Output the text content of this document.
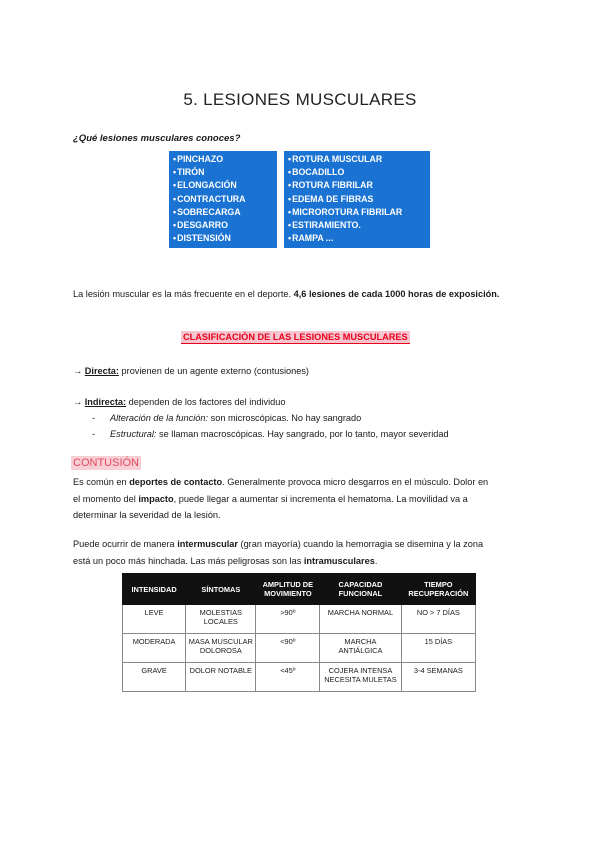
5. LESIONES MUSCULARES
¿Qué lesiones musculares conoces?
• PINCHAZO
• TIRÓN
• ELONGACIÓN
• CONTRACTURA
• SOBRECARGA
• DESGARRO
• DISTENSIÓN
• ROTURA MUSCULAR
• BOCADILLO
• ROTURA FIBRILAR
• EDEMA DE FIBRAS
• MICROROTURA FIBRILAR
• ESTIRAMIENTO.
• RAMPA ...
La lesión muscular es la más frecuente en el deporte. 4,6 lesiones de cada 1000 horas de exposición.
CLASIFICACIÓN DE LAS LESIONES MUSCULARES
→ Directa: provienen de un agente externo (contusiones)
→ Indirecta: dependen de los factores del individuo
- Alteración de la función: son microscópicas. No hay sangrado
- Estructural: se llaman macroscópicas. Hay sangrado, por lo tanto, mayor severidad
CONTUSIÓN
Es común en deportes de contacto. Generalmente provoca micro desgarros en el músculo. Dolor en
el momento del impacto, puede llegar a aumentar si incrementa el hematoma. La movilidad va a
determinar la severidad de la lesión.
Puede ocurrir de manera intermuscular (gran mayoría) cuando la hemorragia se disemina y la zona
está un poco más hinchada. Las más peligrosas son las intramusculares.
INTENSIDAD	SÍNTOMAS	AMPLITUD DE MOVIMIENTO	CAPACIDAD FUNCIONAL	TIEMPO RECUPERACIÓN
LEVE	MOLESTIAS LOCALES	>90º	MARCHA NORMAL	NO > 7 DÍAS
MODERADA	MASA MUSCULAR DOLOROSA	<90º	MARCHA ANTIÁLGICA	15 DÍAS
GRAVE	DOLOR NOTABLE	<45º	COJERA INTENSA NECESITA MULETAS	3-4 SEMANAS
